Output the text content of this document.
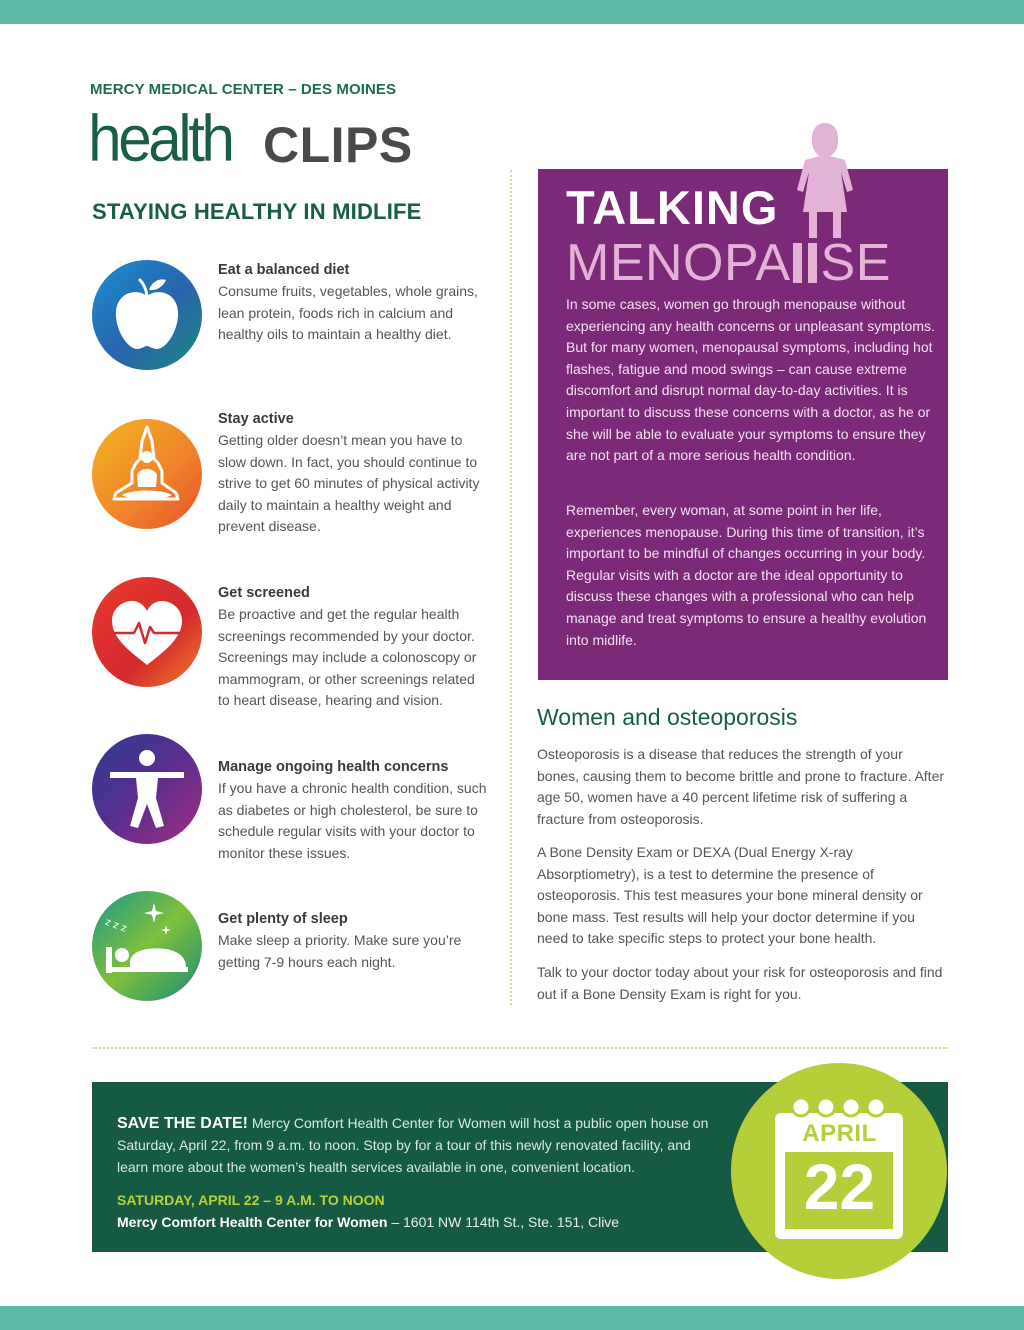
MERCY MEDICAL CENTER – DES MOINES
health CLIPS
STAYING HEALTHY IN MIDLIFE
Eat a balanced diet
Consume fruits, vegetables, whole grains, lean protein, foods rich in calcium and healthy oils to maintain a healthy diet.
Stay active
Getting older doesn’t mean you have to slow down. In fact, you should continue to strive to get 60 minutes of physical activity daily to maintain a healthy weight and prevent disease.
Get screened
Be proactive and get the regular health screenings recommended by your doctor. Screenings may include a colonoscopy or mammogram, or other screenings related to heart disease, hearing and vision.
Manage ongoing health concerns
If you have a chronic health condition, such as diabetes or high cholesterol, be sure to schedule regular visits with your doctor to monitor these issues.
z z z	Get plenty of sleep
Make sleep a priority. Make sure you’re getting 7-9 hours each night.
TALKING
MENOPA SE
In some cases, women go through menopause without experiencing any health concerns or unpleasant symptoms. But for many women, menopausal symptoms, including hot flashes, fatigue and mood swings – can cause extreme discomfort and disrupt normal day-to-day activities. It is important to discuss these concerns with a doctor, as he or she will be able to evaluate your symptoms to ensure they are not part of a more serious health condition.
Remember, every woman, at some point in her life, experiences menopause. During this time of transition, it’s important to be mindful of changes occurring in your body. Regular visits with a doctor are the ideal opportunity to discuss these changes with a professional who can help manage and treat symptoms to ensure a healthy evolution into midlife.
Women and osteoporosis
Osteoporosis is a disease that reduces the strength of your bones, causing them to become brittle and prone to fracture. After age 50, women have a 40 percent lifetime risk of suffering a fracture from osteoporosis.
A Bone Density Exam or DEXA (Dual Energy X-ray Absorptiometry), is a test to determine the presence of osteoporosis. This test measures your bone mineral density or bone mass. Test results will help your doctor determine if you need to take specific steps to protect your bone health.
Talk to your doctor today about your risk for osteoporosis and find out if a Bone Density Exam is right for you.
SAVE THE DATE! Mercy Comfort Health Center for Women will host a public open house on Saturday, April 22, from 9 a.m. to noon. Stop by for a tour of this newly renovated facility, and learn more about the women’s health services available in one, convenient location.
SATURDAY, APRIL 22 – 9 A.M. TO NOON
Mercy Comfort Health Center for Women – 1601 NW 114th St., Ste. 151, Clive
APRIL
22
